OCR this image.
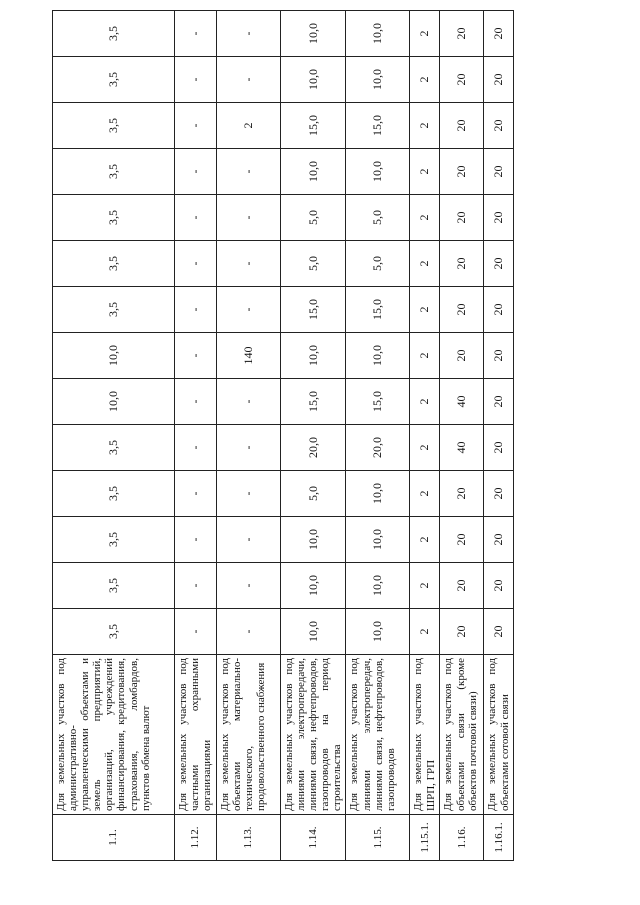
1.1.	Для земельных участков под административно-управленческими объектами и земель предприятий, организаций, учреждений финансирования, кредитования, страхования, ломбардов, пунктов обмена валют	3,5	3,5	3,5	3,5	3,5	10,0	10,0	3,5	3,5	3,5	3,5	3,5	3,5	3,5
1.12.	Для земельных участков под частными охранными организациями	-	-	-	-	-	-	-	-	-	-	-	-	-	-
1.13.	Для земельных участков под объектами материально-технического, продовольственного снабжения	-	-	-	-	-	-	140	-	-	-	-	2	-	-
1.14.	Для земельных участков под линиями электропередачи, линиями связи, нефтепроводов, газопроводов на период строительства	10,0	10,0	10,0	5,0	20,0	15,0	10,0	15,0	5,0	5,0	10,0	15,0	10,0	10,0
1.15.	Для земельных участков под линиями электропередач, линиями связи, нефтепроводов, газопроводов	10,0	10,0	10,0	10,0	20,0	15,0	10,0	15,0	5,0	5,0	10,0	15,0	10,0	10,0
1.15.1.	Для земельных участков под ШРП, ГРП	2	2	2	2	2	2	2	2	2	2	2	2	2	2
1.16.	Для земельных участков под объектами связи (кроме объектов почтовой связи)	20	20	20	20	40	40	20	20	20	20	20	20	20	20
1.16.1.	Для земельных участков под объектами сотовой связи	20	20	20	20	20	20	20	20	20	20	20	20	20	20
